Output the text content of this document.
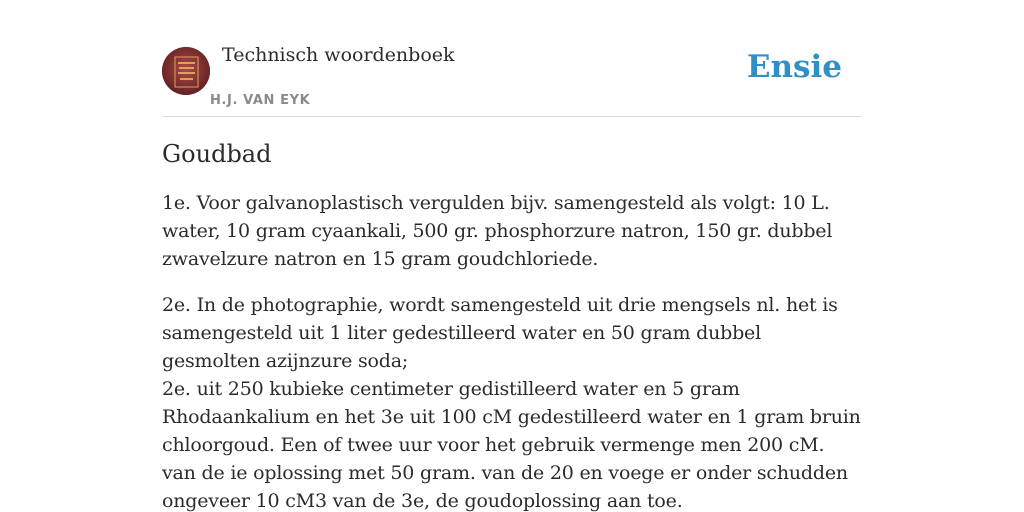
Technisch woordenboek
H.J. VAN EYK
Ensie
Goudbad

1e. Voor galvanoplastisch vergulden bijv. samengesteld als volgt: 10 L. water, 10 gram cyaankali, 500 gr. phosphorzure natron, 150 gr. dubbel zwavelzure natron en 15 gram goudchloriede.

2e. In de photographie, wordt samengesteld uit drie mengsels nl. het is samengesteld uit 1 liter gedestilleerd water en 50 gram dubbel gesmolten azijnzure soda;
2e. uit 250 kubieke centimeter gedistilleerd water en 5 gram Rhodaankalium en het 3e uit 100 cM gedestilleerd water en 1 gram bruin chloorgoud. Een of twee uur voor het gebruik vermenge men 200 cM. van de ie oplossing met 50 gram. van de 20 en voege er onder schudden ongeveer 10 cM3 van de 3e, de goudoplossing aan toe.
